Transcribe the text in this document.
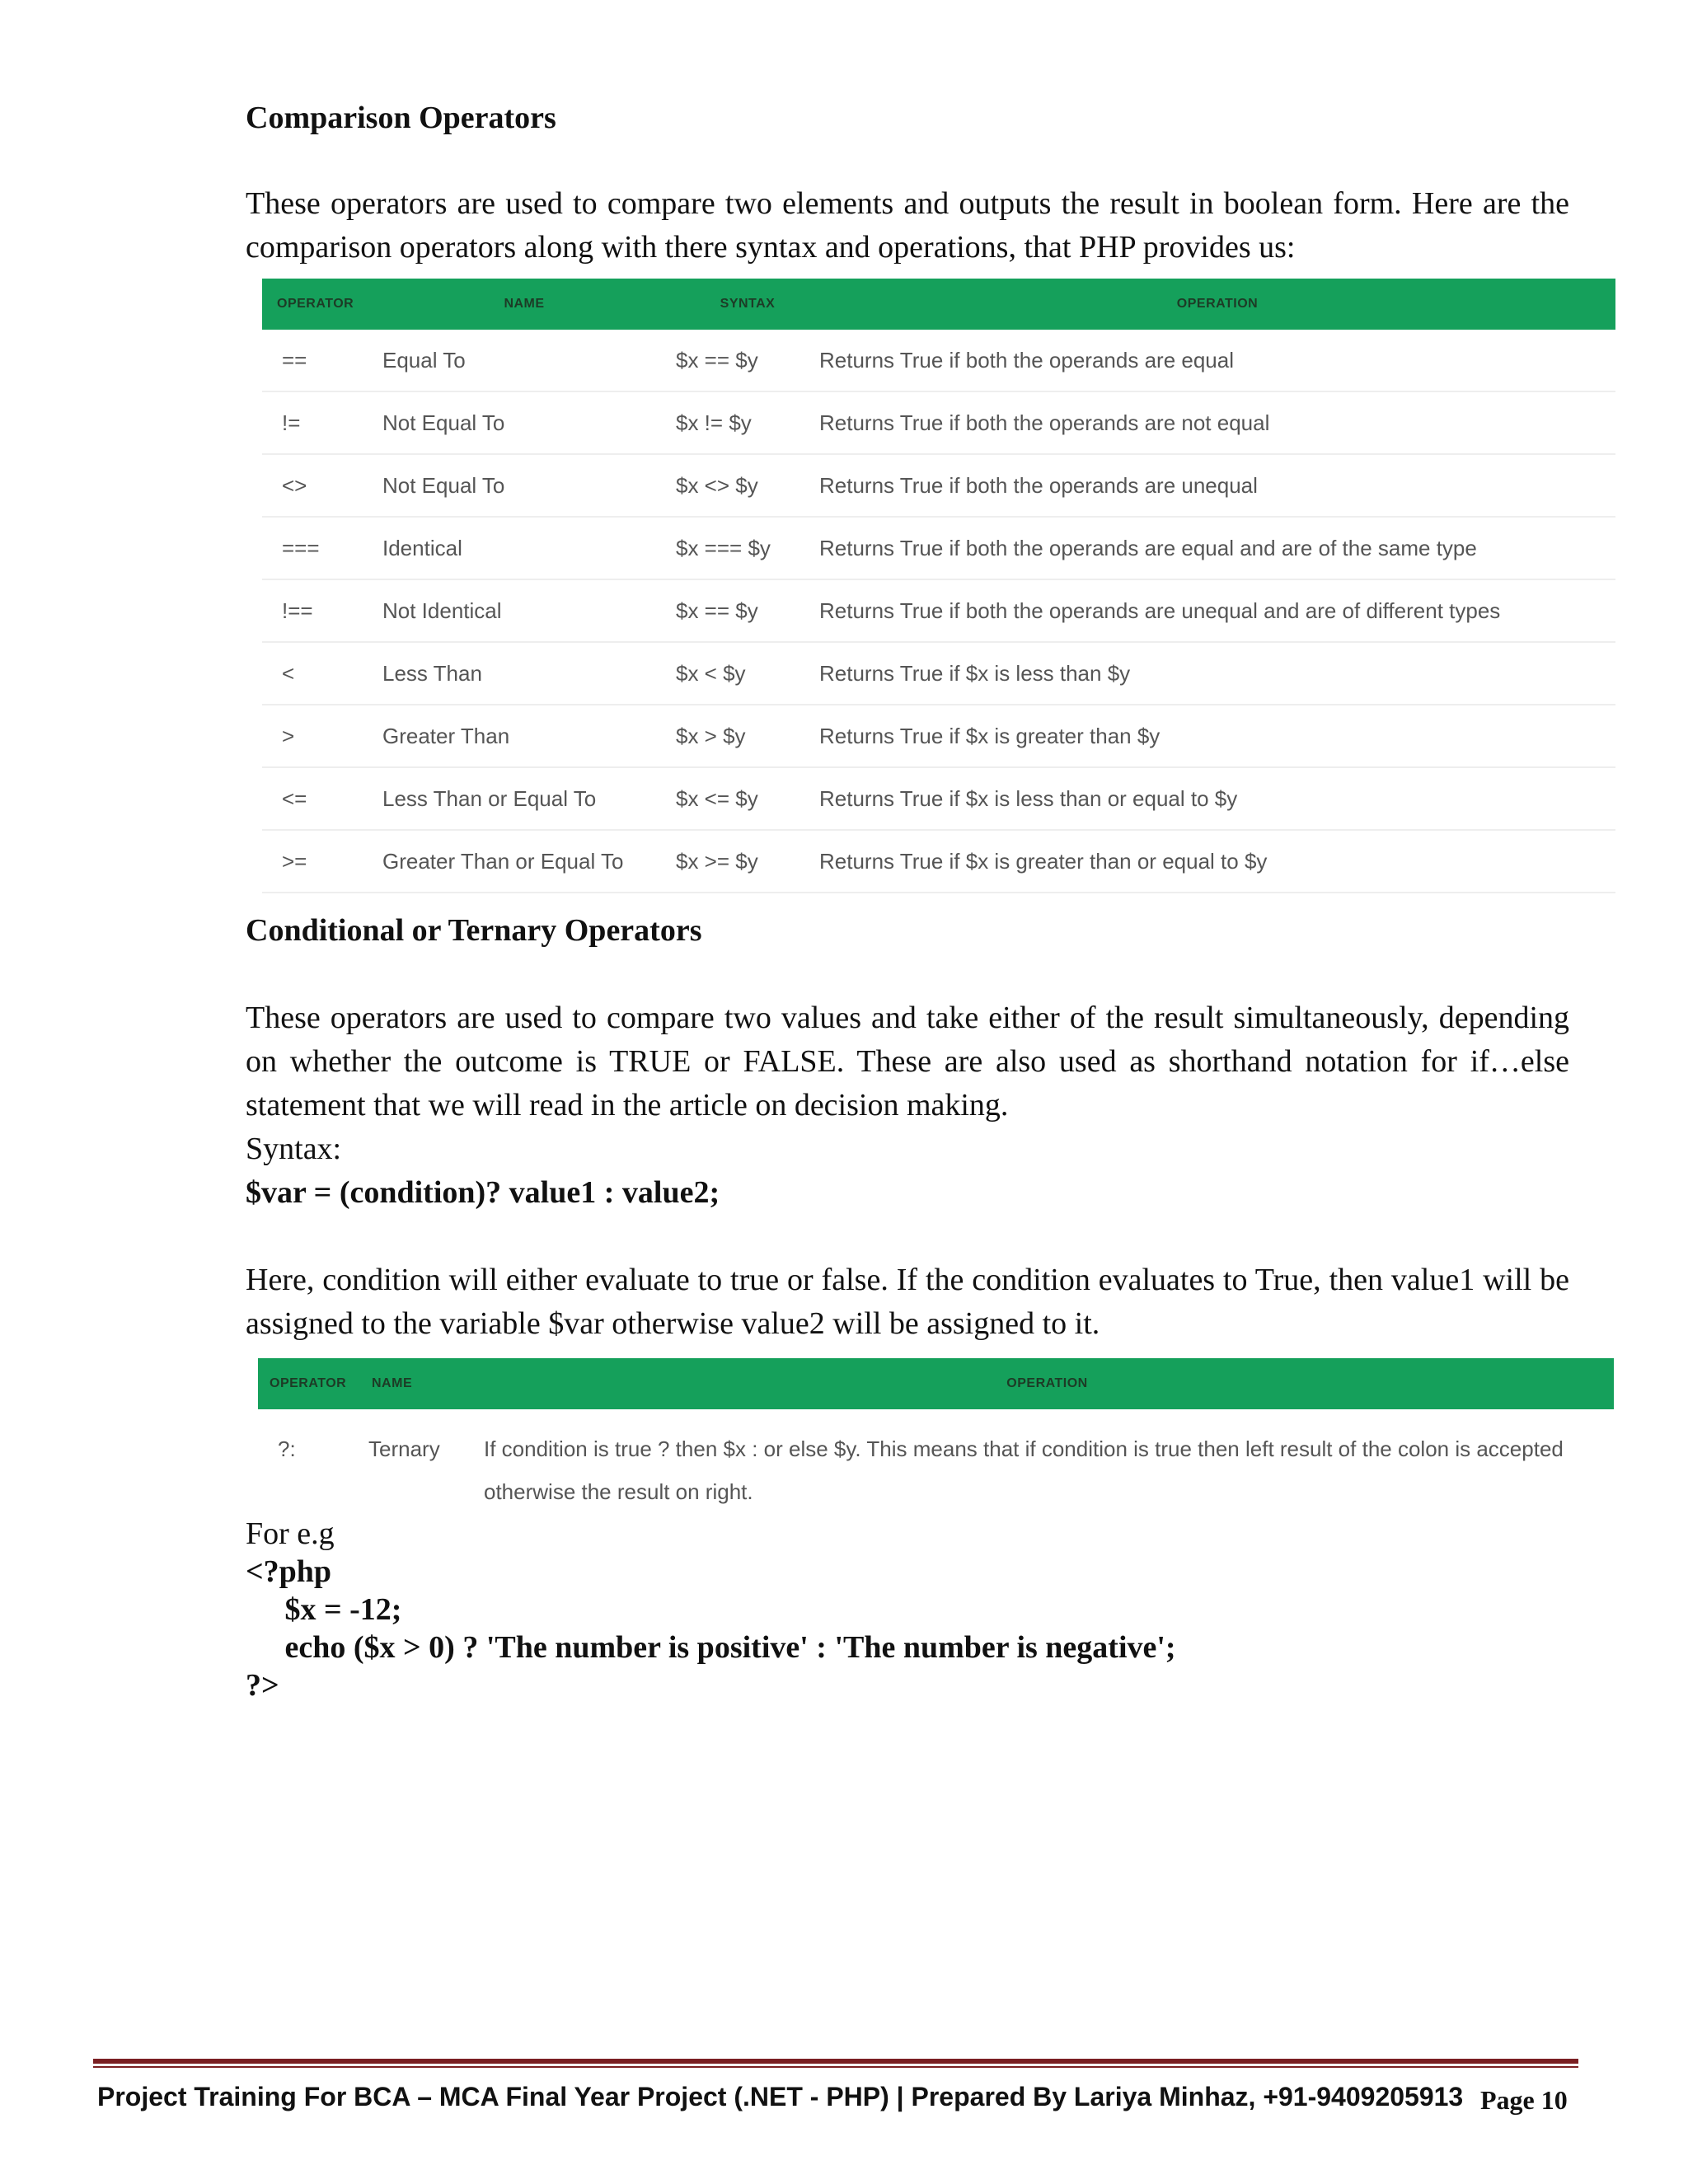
Comparison Operators

These operators are used to compare two elements and outputs the result in boolean form. Here are the comparison operators along with there syntax and operations, that PHP provides us:

OPERATOR	NAME	SYNTAX	OPERATION
==	Equal To	$x == $y	Returns True if both the operands are equal
!=	Not Equal To	$x != $y	Returns True if both the operands are not equal
<>	Not Equal To	$x <> $y	Returns True if both the operands are unequal
===	Identical	$x === $y	Returns True if both the operands are equal and are of the same type
!==	Not Identical	$x == $y	Returns True if both the operands are unequal and are of different types
<	Less Than	$x < $y	Returns True if $x is less than $y
>	Greater Than	$x > $y	Returns True if $x is greater than $y
<=	Less Than or Equal To	$x <= $y	Returns True if $x is less than or equal to $y
>=	Greater Than or Equal To	$x >= $y	Returns True if $x is greater than or equal to $y
Conditional or Ternary Operators

These operators are used to compare two values and take either of the result simultaneously, depending on whether the outcome is TRUE or FALSE. These are also used as shorthand notation for if…else statement that we will read in the article on decision making.

Syntax:

$var = (condition)? value1 : value2;

Here, condition will either evaluate to true or false. If the condition evaluates to True, then value1 will be assigned to the variable $var otherwise value2 will be assigned to it.

OPERATOR	NAME	OPERATION
?:	Ternary	If condition is true ? then $x : or else $y. This means that if condition is true then left result of the colon is accepted otherwise the result on right.

For e.g

<?php

$x = -12;

echo ($x > 0) ? 'The number is positive' : 'The number is negative';

?>

Project Training For BCA – MCA Final Year Project (.NET - PHP) | Prepared By Lariya Minhaz, +91-9409205913 Page 10
